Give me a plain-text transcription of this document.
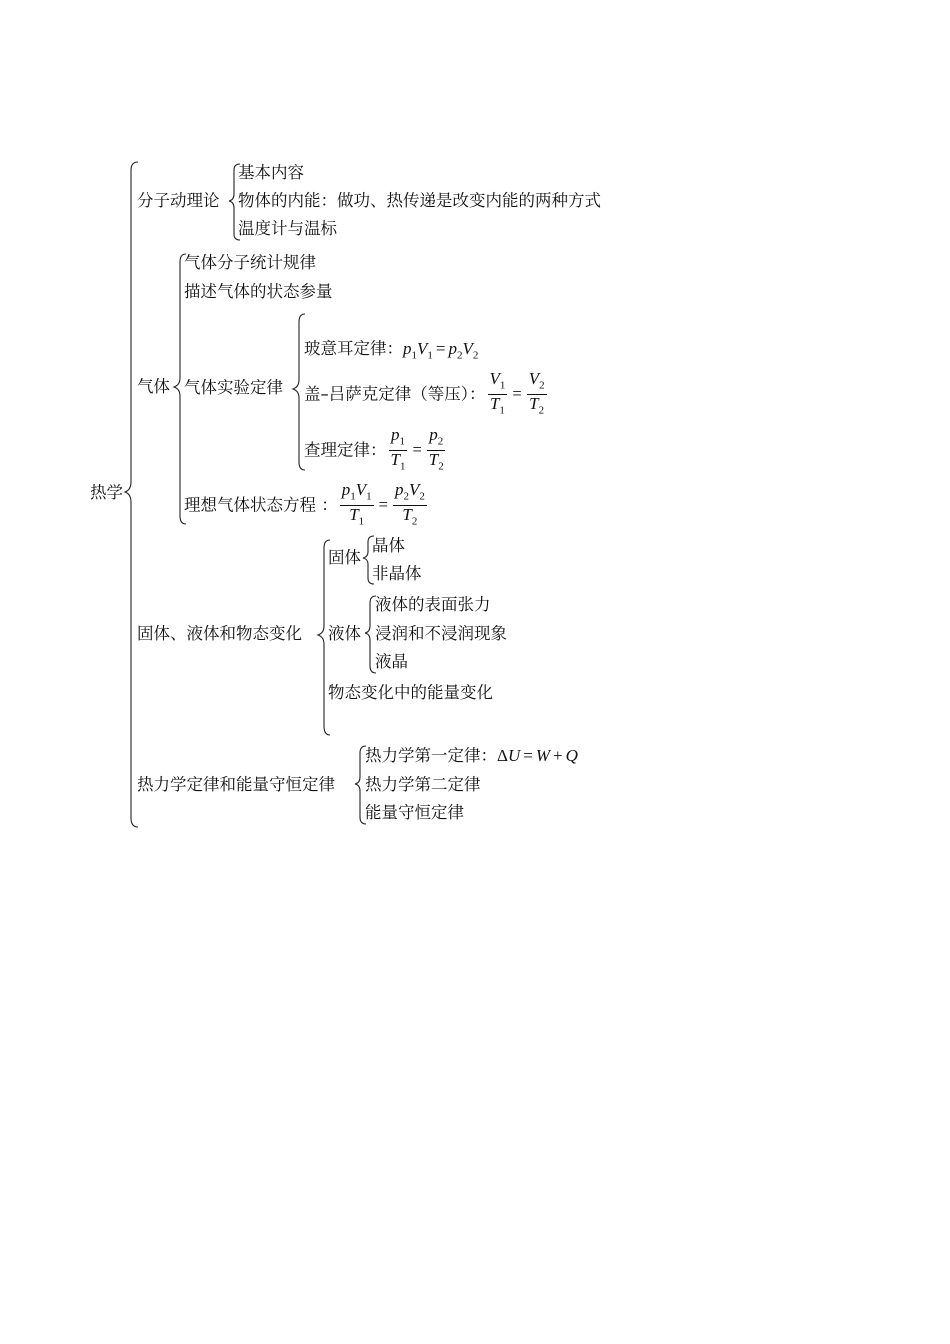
热学
分子动理论
基本内容
物体的内能：做功、热传递是改变内能的两种方式
温度计与温标
气体
气体分子统计规律
描述气体的状态参量
气体实验定律
玻意耳定律：$p_1V_1 = p_2V_2$
盖–吕萨克定律（等压）： $\frac{V_1}{T_1} = \frac{V_2}{T_2}$
查理定律： $\frac{p_1}{T_1} = \frac{p_2}{T_2}$
理想气体状态方程 ： $\frac{p_1V_1}{T_1} = \frac{p_2V_2}{T_2}$
固体、液体和物态变化
固体
晶体
非晶体
液体
液体的表面张力
浸润和不浸润现象
液晶
物态变化中的能量变化
热力学定律和能量守恒定律
热力学第一定律：ΔU = W + Q
热力学第二定律
能量守恒定律
